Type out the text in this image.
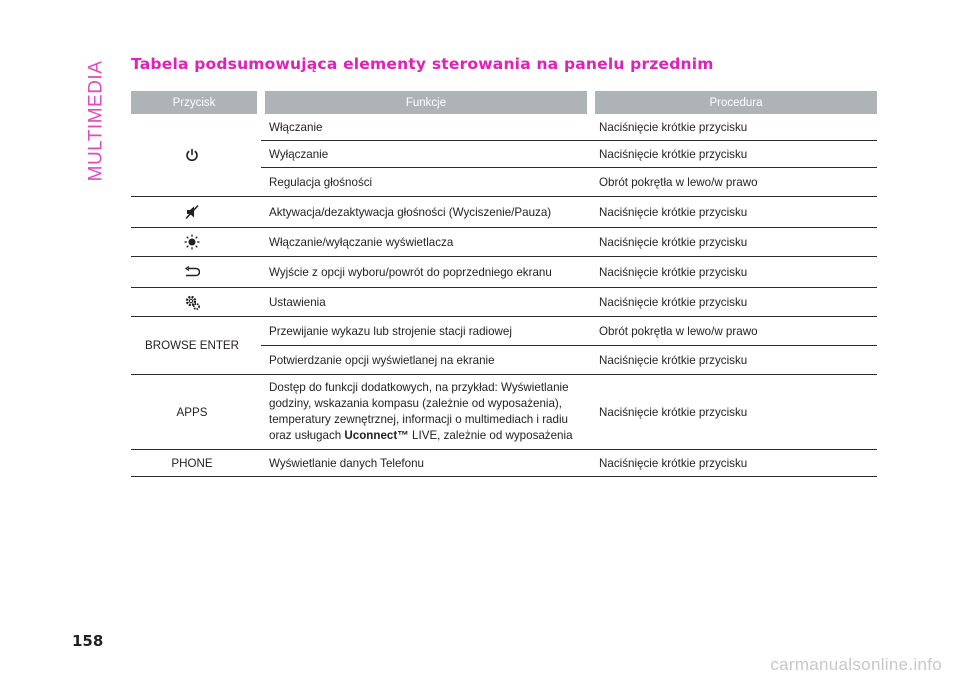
MULTIMEDIA Tabela podsumowująca elementy sterowania na panelu przednim
Przycisk	Funkcje	Procedura
	Włączanie	Naciśnięcie krótkie przycisku
	Wyłączanie	Naciśnięcie krótkie przycisku
	Regulacja głośności	Obrót pokrętła w lewo/w prawo
	Aktywacja/dezaktywacja głośności (Wyciszenie/Pauza)	Naciśnięcie krótkie przycisku
	Włączanie/wyłączanie wyświetlacza	Naciśnięcie krótkie przycisku
	Wyjście z opcji wyboru/powrót do poprzedniego ekranu	Naciśnięcie krótkie przycisku
	Ustawienia	Naciśnięcie krótkie przycisku
BROWSE ENTER	Przewijanie wykazu lub strojenie stacji radiowej	Obrót pokrętła w lewo/w prawo
	Potwierdzanie opcji wyświetlanej na ekranie	Naciśnięcie krótkie przycisku
APPS	Dostęp do funkcji dodatkowych, na przykład: Wyświetlanie godziny, wskazania kompasu (zależnie od wyposażenia), temperatury zewnętrznej, informacji o multimediach i radiu oraz usługach Uconnect™ LIVE, zależnie od wyposażenia	Naciśnięcie krótkie przycisku
PHONE	Wyświetlanie danych Telefonu	Naciśnięcie krótkie przycisku
158
carmanualsonline.info
